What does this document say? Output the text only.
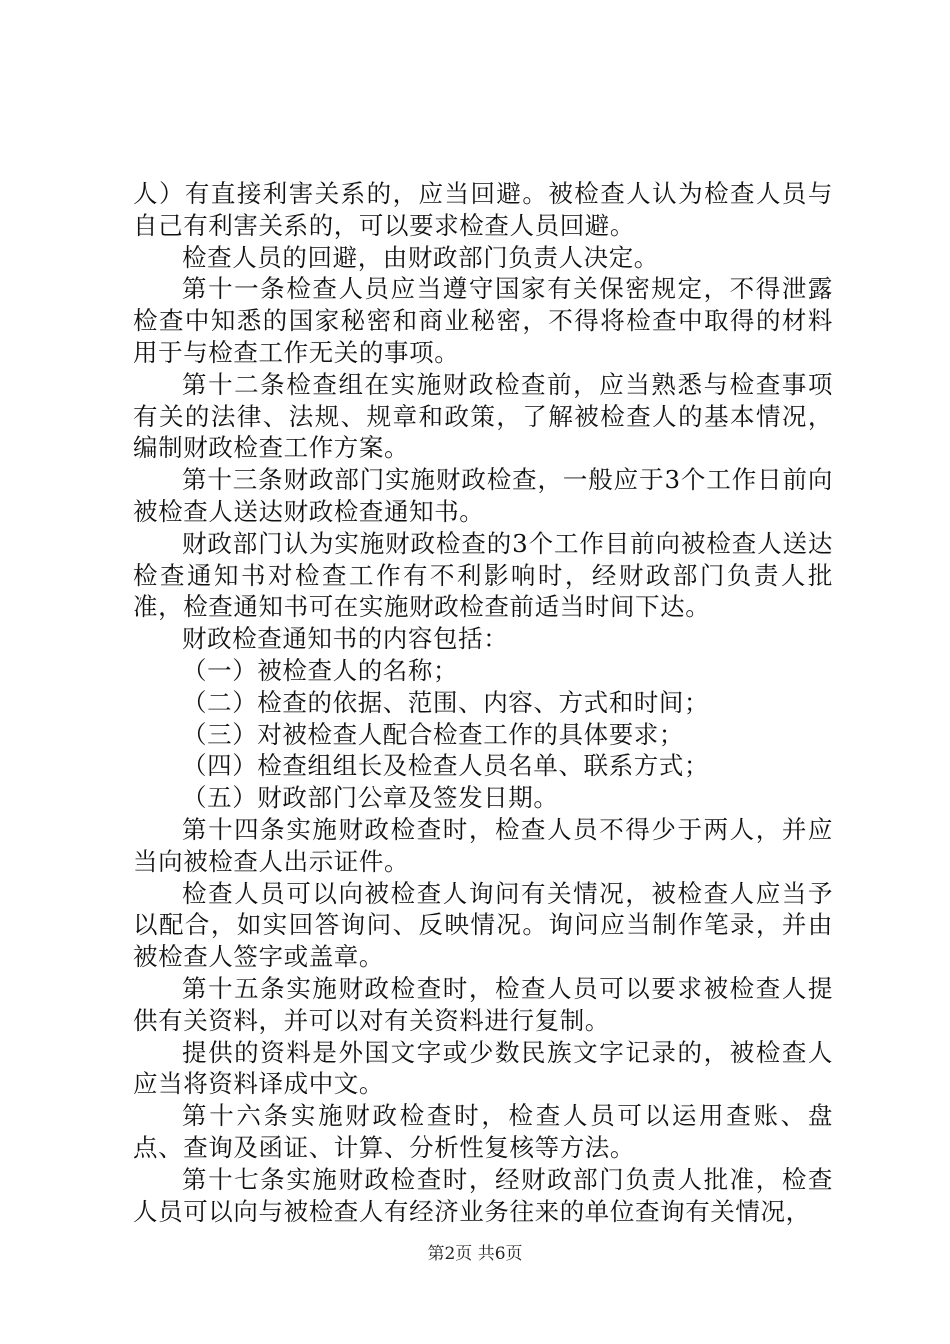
人）有直接利害关系的，应当回避。被检查人认为检查人员与自己有利害关系的，可以要求检查人员回避。

检查人员的回避，由财政部门负责人决定。

第十一条检查人员应当遵守国家有关保密规定，不得泄露检查中知悉的国家秘密和商业秘密，不得将检查中取得的材料用于与检查工作无关的事项。

第十二条检查组在实施财政检查前，应当熟悉与检查事项有关的法律、法规、规章和政策，了解被检查人的基本情况，编制财政检查工作方案。

第十三条财政部门实施财政检查，一般应于3个工作日前向被检查人送达财政检查通知书。

财政部门认为实施财政检查的3个工作目前向被检查人送达检查通知书对检查工作有不利影响时，经财政部门负责人批准，检查通知书可在实施财政检查前适当时间下达。

财政检查通知书的内容包括：

（一）被检查人的名称；

（二）检查的依据、范围、内容、方式和时间；

（三）对被检查人配合检查工作的具体要求；

（四）检查组组长及检查人员名单、联系方式；

（五）财政部门公章及签发日期。

第十四条实施财政检查时，检查人员不得少于两人，并应当向被检查人出示证件。

检查人员可以向被检查人询问有关情况，被检查人应当予以配合，如实回答询问、反映情况。询问应当制作笔录，并由被检查人签字或盖章。

第十五条实施财政检查时，检查人员可以要求被检查人提供有关资料，并可以对有关资料进行复制。

提供的资料是外国文字或少数民族文字记录的，被检查人应当将资料译成中文。

第十六条实施财政检查时，检查人员可以运用查账、盘点、查询及函证、计算、分析性复核等方法。

第十七条实施财政检查时，经财政部门负责人批准，检查人员可以向与被检查人有经济业务往来的单位查询有关情况，

第2页 共6页
